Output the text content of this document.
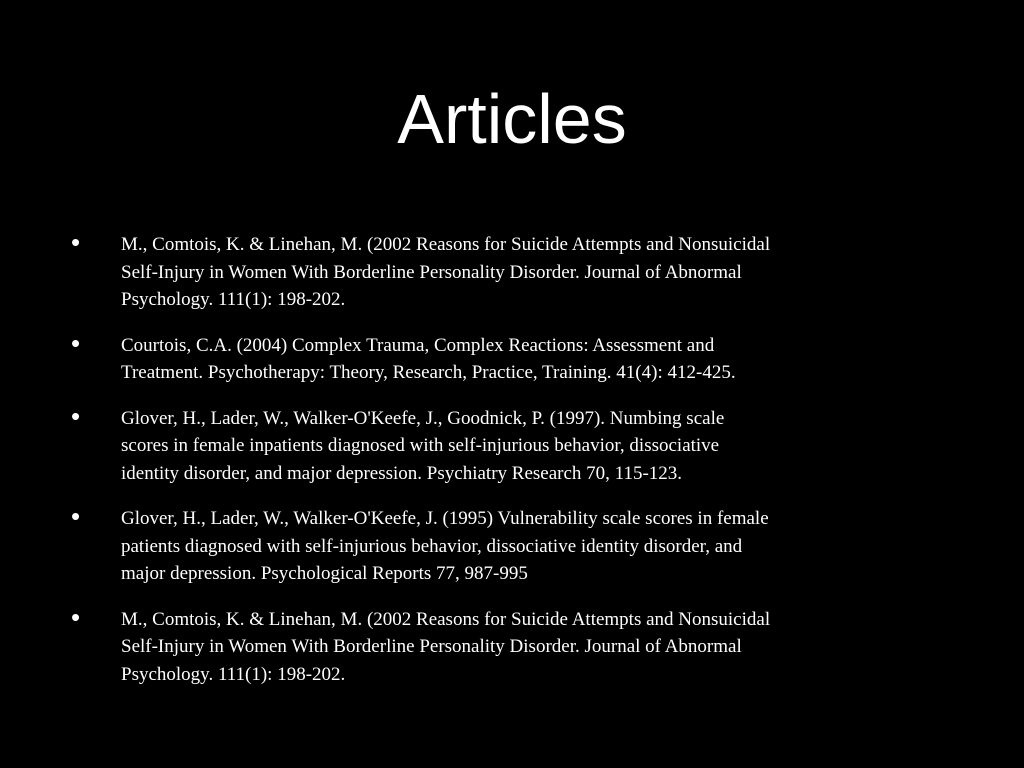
Articles
• M., Comtois, K. & Linehan, M. (2002 Reasons for Suicide Attempts and Nonsuicidal
Self-Injury in Women With Borderline Personality Disorder. Journal of Abnormal
Psychology. 111(1): 198-202.
• Courtois, C.A. (2004) Complex Trauma, Complex Reactions: Assessment and
Treatment. Psychotherapy: Theory, Research, Practice, Training. 41(4): 412-425.
• Glover, H., Lader, W., Walker-O'Keefe, J., Goodnick, P. (1997). Numbing scale
scores in female inpatients diagnosed with self-injurious behavior, dissociative
identity disorder, and major depression. Psychiatry Research 70, 115-123.
• Glover, H., Lader, W., Walker-O'Keefe, J. (1995) Vulnerability scale scores in female
patients diagnosed with self-injurious behavior, dissociative identity disorder, and
major depression. Psychological Reports 77, 987-995
• M., Comtois, K. & Linehan, M. (2002 Reasons for Suicide Attempts and Nonsuicidal
Self-Injury in Women With Borderline Personality Disorder. Journal of Abnormal
Psychology. 111(1): 198-202.
